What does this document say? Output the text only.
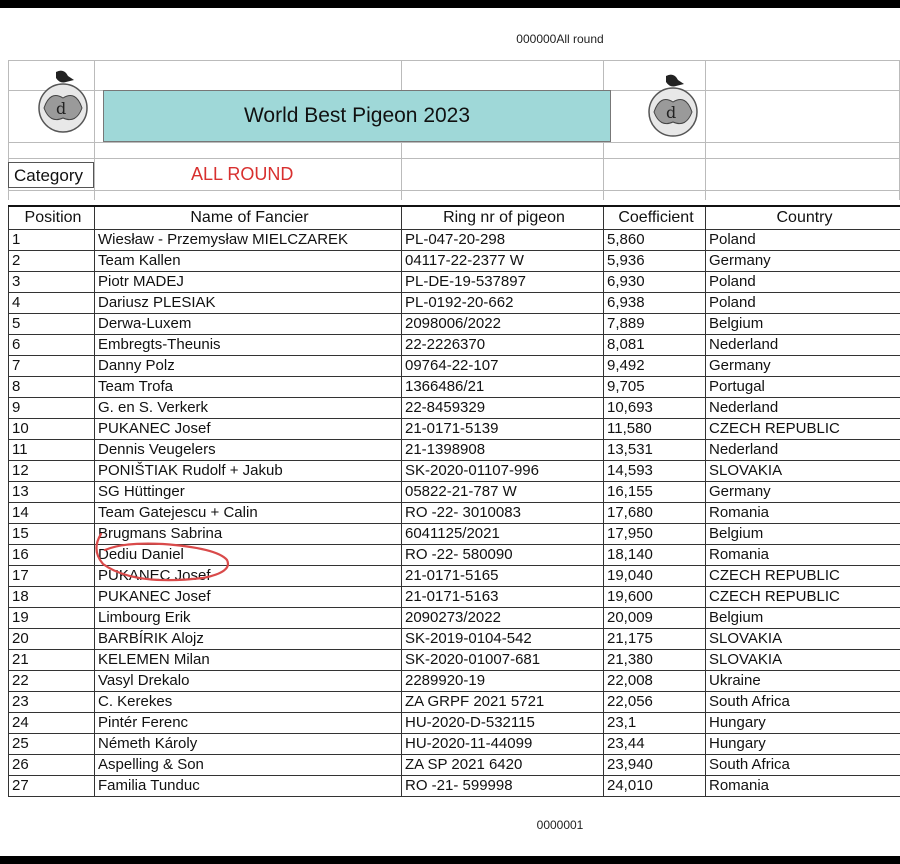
000000All round
d	World Best Pigeon 2023	d
Category	ALL ROUND
Position	Name of Fancier	Ring nr of pigeon	Coefficient	Country
1	Wiesław - Przemysław MIELCZAREK	PL-047-20-298	5,860	Poland
2	Team Kallen	04117-22-2377 W	5,936	Germany
3	Piotr MADEJ	PL-DE-19-537897	6,930	Poland
4	Dariusz PLESIAK	PL-0192-20-662	6,938	Poland
5	Derwa-Luxem	2098006/2022	7,889	Belgium
6	Embregts-Theunis	22-2226370	8,081	Nederland
7	Danny Polz	09764-22-107	9,492	Germany
8	Team Trofa	1366486/21	9,705	Portugal
9	G. en S. Verkerk	22-8459329	10,693	Nederland
10	PUKANEC Josef	21-0171-5139	11,580	CZECH REPUBLIC
11	Dennis Veugelers	21-1398908	13,531	Nederland
12	PONIŠTIAK Rudolf + Jakub	SK-2020-01107-996	14,593	SLOVAKIA
13	SG Hüttinger	05822-21-787 W	16,155	Germany
14	Team Gatejescu + Calin	RO -22- 3010083	17,680	Romania
15	Brugmans Sabrina	6041125/2021	17,950	Belgium
16	Dediu Daniel	RO -22- 580090	18,140	Romania
17	PUKANEC Josef	21-0171-5165	19,040	CZECH REPUBLIC
18	PUKANEC Josef	21-0171-5163	19,600	CZECH REPUBLIC
19	Limbourg Erik	2090273/2022	20,009	Belgium
20	BARBÍRIK Alojz	SK-2019-0104-542	21,175	SLOVAKIA
21	KELEMEN Milan	SK-2020-01007-681	21,380	SLOVAKIA
22	Vasyl Drekalo	2289920-19	22,008	Ukraine
23	C. Kerekes	ZA GRPF 2021 5721	22,056	South Africa
24	Pintér Ferenc	HU-2020-D-532115	23,1	Hungary
25	Németh Károly	HU-2020-11-44099	23,44	Hungary
26	Aspelling & Son	ZA SP 2021 6420	23,940	South Africa
27	Familia Tunduc	RO -21- 599998	24,010	Romania
0000001
